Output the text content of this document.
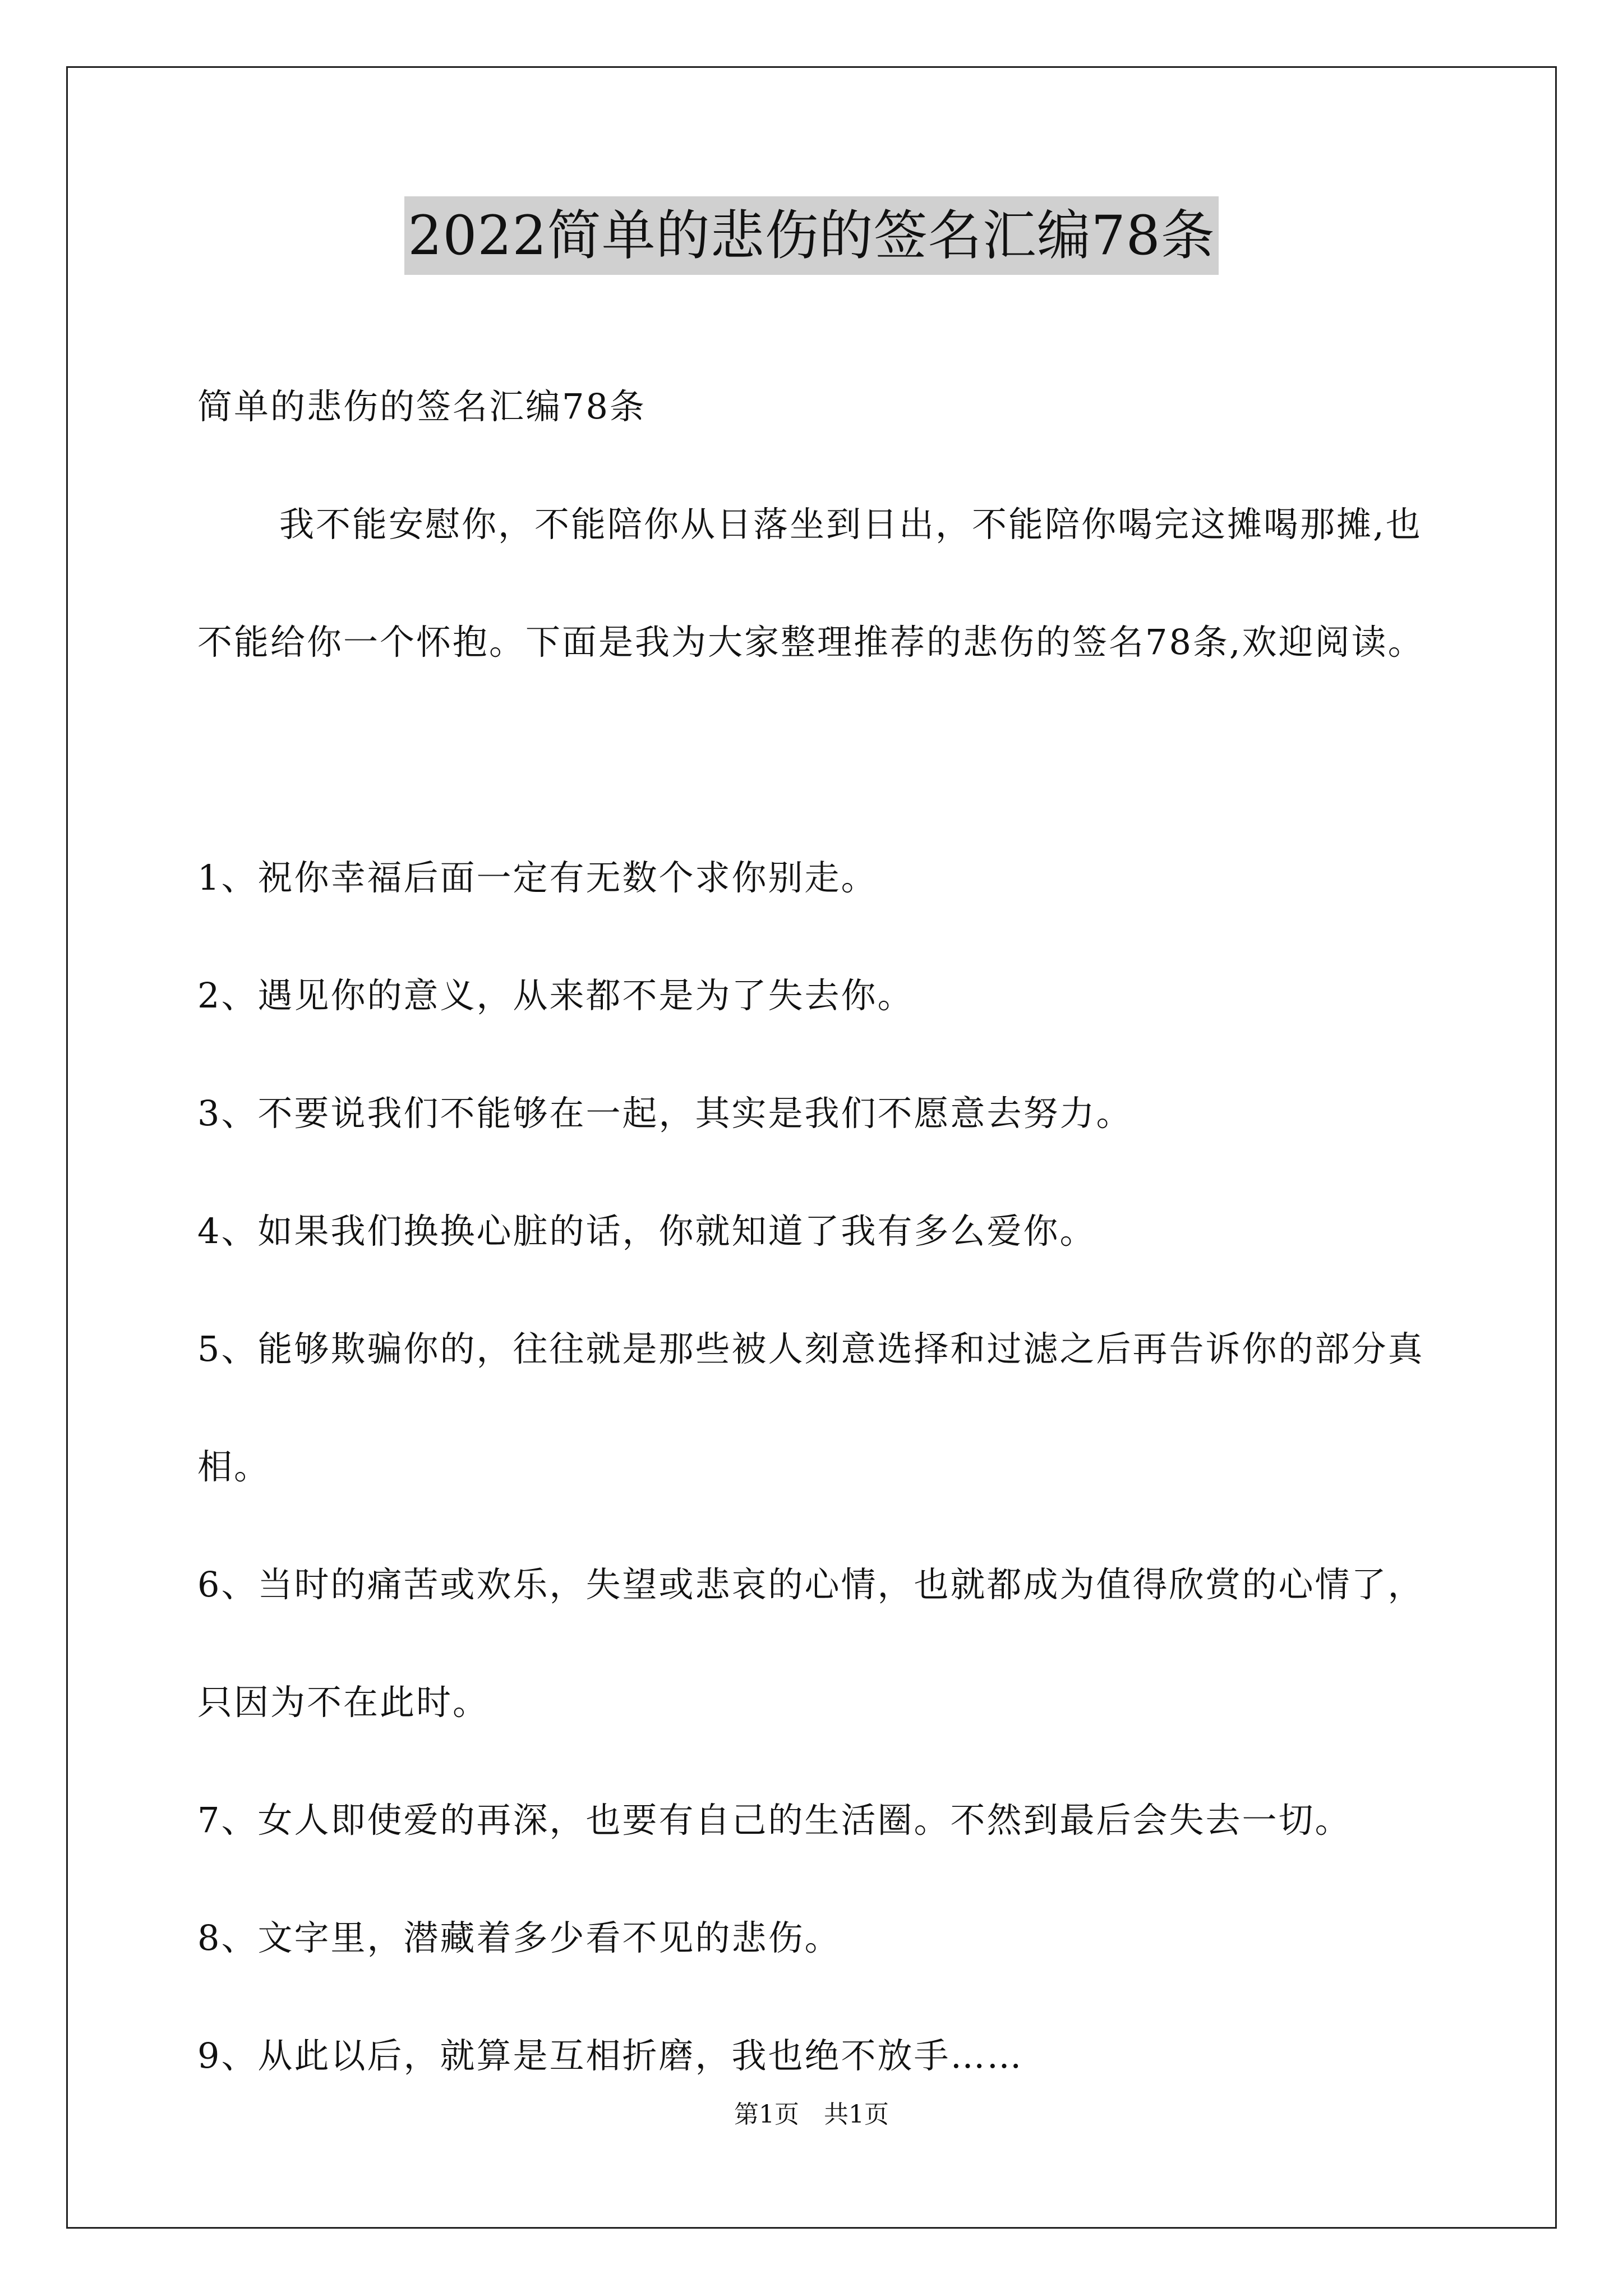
2022简单的悲伤的签名汇编78条

简单的悲伤的签名汇编78条

我不能安慰你，不能陪你从日落坐到日出，不能陪你喝完这摊喝那摊,也不能给你一个怀抱。下面是我为大家整理推荐的悲伤的签名78条,欢迎阅读。

1、祝你幸福后面一定有无数个求你别走。

2、遇见你的意义，从来都不是为了失去你。

3、不要说我们不能够在一起，其实是我们不愿意去努力。

4、如果我们换换心脏的话，你就知道了我有多么爱你。

5、能够欺骗你的，往往就是那些被人刻意选择和过滤之后再告诉你的部分真相。

6、当时的痛苦或欢乐，失望或悲哀的心情，也就都成为值得欣赏的心情了，只因为不在此时。

7、女人即使爱的再深，也要有自己的生活圈。不然到最后会失去一切。

8、文字里，潜藏着多少看不见的悲伤。

9、从此以后，就算是互相折磨，我也绝不放手……

第1页　共1页
